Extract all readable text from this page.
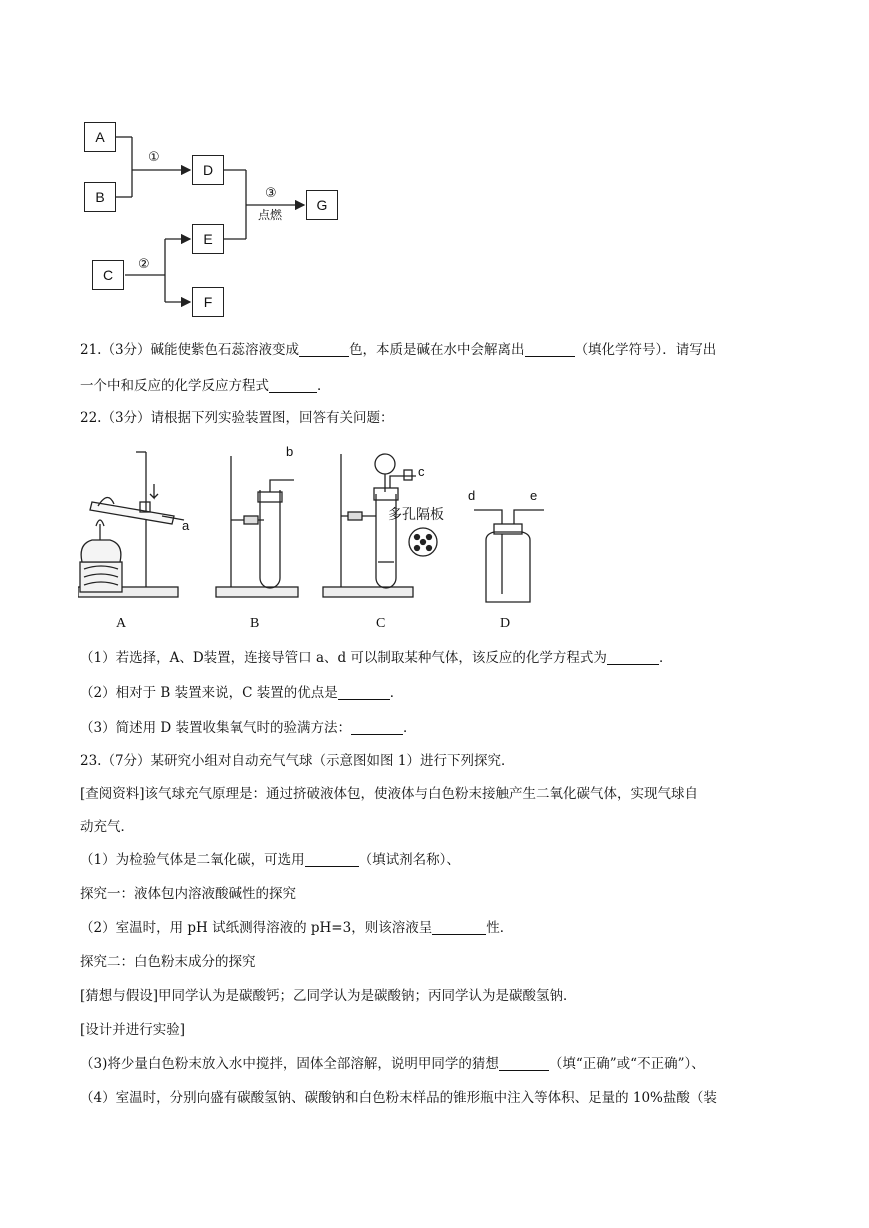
A
B
D
G
E
C
F
①
③
点燃
②
21.（3分）碱能使紫色石蕊溶液变成	色，本质是碱在水中会解离出	（填化学符号）．请写出
一个中和反应的化学反应方程式	．
22.（3分）请根据下列实验装置图，回答有关问题：
a
b
c
多孔隔板
d	e
A	B	C	D
（1）若选择，A、D装置，连接导管口 a、d 可以制取某种气体，该反应的化学方程式为	．
（2）相对于 B 装置来说，C 装置的优点是	．
（3）简述用 D 装置收集氧气时的验满方法：	．
23.（7分）某研究小组对自动充气气球（示意图如图 1）进行下列探究．
[查阅资料]该气球充气原理是：通过挤破液体包，使液体与白色粉末接触产生二氧化碳气体，实现气球自
动充气．
（1）为检验气体是二氧化碳，可选用	（填试剂名称）、
探究一：液体包内溶液酸碱性的探究
（2）室温时，用 pH 试纸测得溶液的 pH=3，则该溶液呈	性．
探究二：白色粉末成分的探究
[猜想与假设]甲同学认为是碳酸钙；乙同学认为是碳酸钠；丙同学认为是碳酸氢钠．
[设计并进行实验]
（3)将少量白色粉末放入水中搅拌，固体全部溶解，说明甲同学的猜想	（填“正确”或“不正确”）、
（4）室温时，分别向盛有碳酸氢钠、碳酸钠和白色粉末样品的锥形瓶中注入等体积、足量的 10%盐酸（装
